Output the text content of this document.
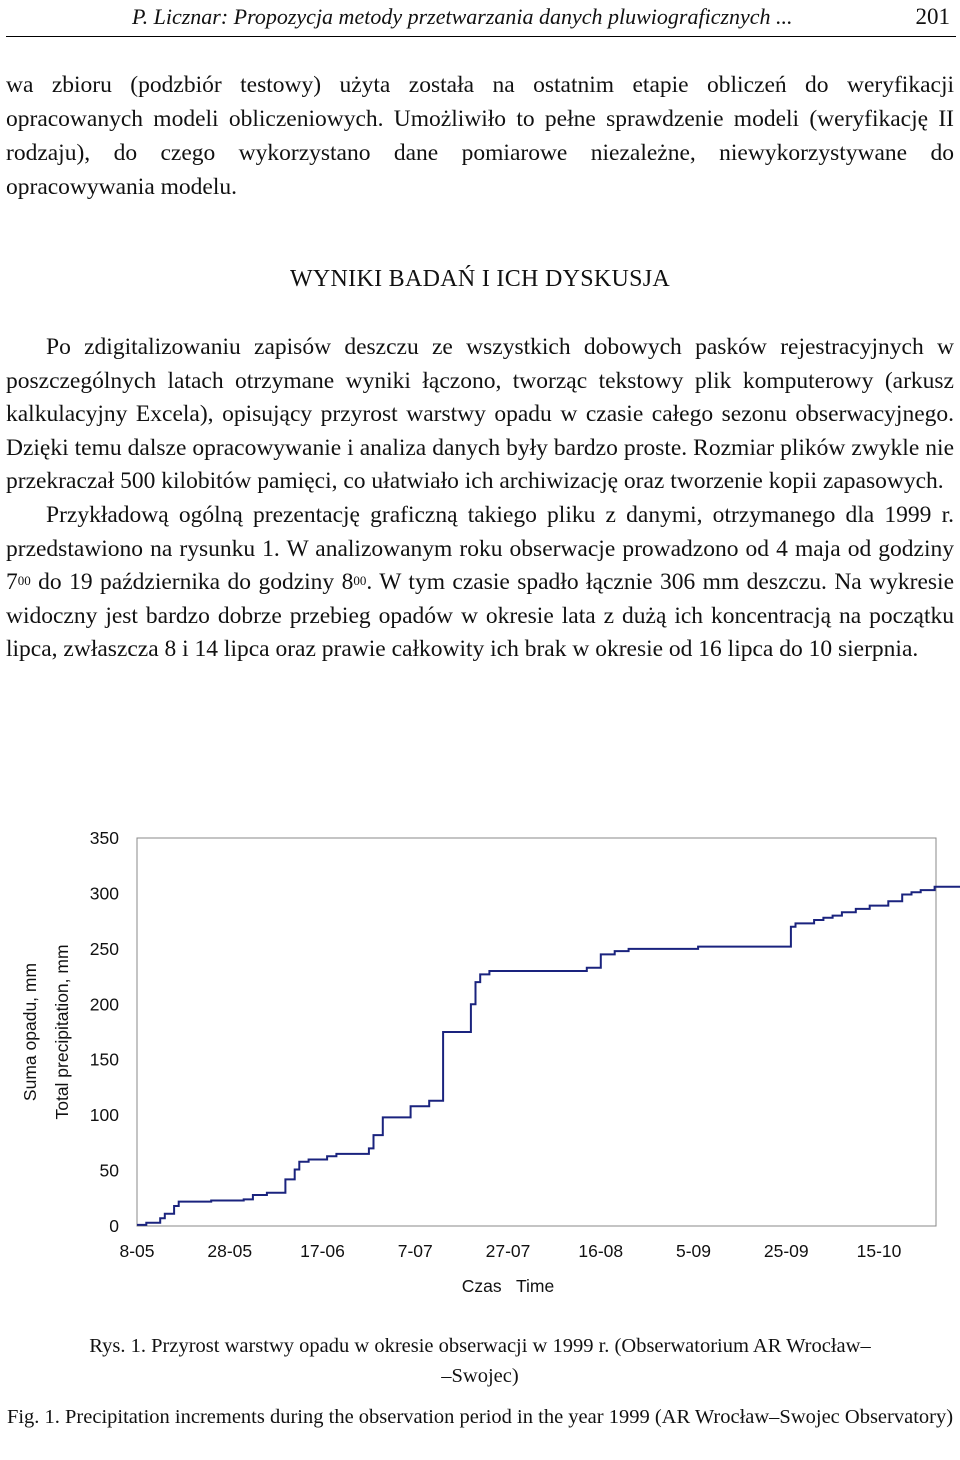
P. Licznar: Propozycja metody przetwarzania danych pluwiograficznych ...	201

wa zbioru (podzbiór testowy) użyta została na ostatnim etapie obliczeń do weryfikacji opracowanych modeli obliczeniowych. Umożliwiło to pełne sprawdzenie modeli (weryfikację II rodzaju), do czego wykorzystano dane pomiarowe niezależne, niewykorzystywane do opracowywania modelu.

WYNIKI BADAŃ I ICH DYSKUSJA
Po zdigitalizowaniu zapisów deszczu ze wszystkich dobowych pasków rejestracyjnych w poszczególnych latach otrzymane wyniki łączono, tworząc tekstowy plik komputerowy (arkusz kalkulacyjny Excela), opisujący przyrost warstwy opadu w czasie całego sezonu obserwacyjnego. Dzięki temu dalsze opracowywanie i analiza danych były bardzo proste. Rozmiar plików zwykle nie przekraczał 500 kilobitów pamięci, co ułatwiało ich archiwizację oraz tworzenie kopii zapasowych.
Przykładową ogólną prezentację graficzną takiego pliku z danymi, otrzymanego dla 1999 r. przedstawiono na rysunku 1. W analizowanym roku obserwacje prowadzono od 4 maja od godziny $7^{00}$ do 19 października do godziny $8^{00}$. W tym czasie spadło łącznie 306 mm deszczu. Na wykresie widoczny jest bardzo dobrze przebieg opadów w okresie lata z dużą ich koncentracją na początku lipca, zwłaszcza 8 i 14 lipca oraz prawie całkowity ich brak w okresie od 16 lipca do 10 sierpnia.
0
50
100
150
200
250
300
350
8-05	28-05	17-06	7-07	27-07	16-08	5-09	25-09	15-10
Suma opadu, mm Total precipitation, mm
Czas   Time

Rys. 1. Przyrost warstwy opadu w okresie obserwacji w 1999 r. (Obserwatorium AR Wrocław–
–Swojec)

Fig. 1. Precipitation increments during the observation period in the year 1999 (AR Wrocław–Swojec Observatory)
